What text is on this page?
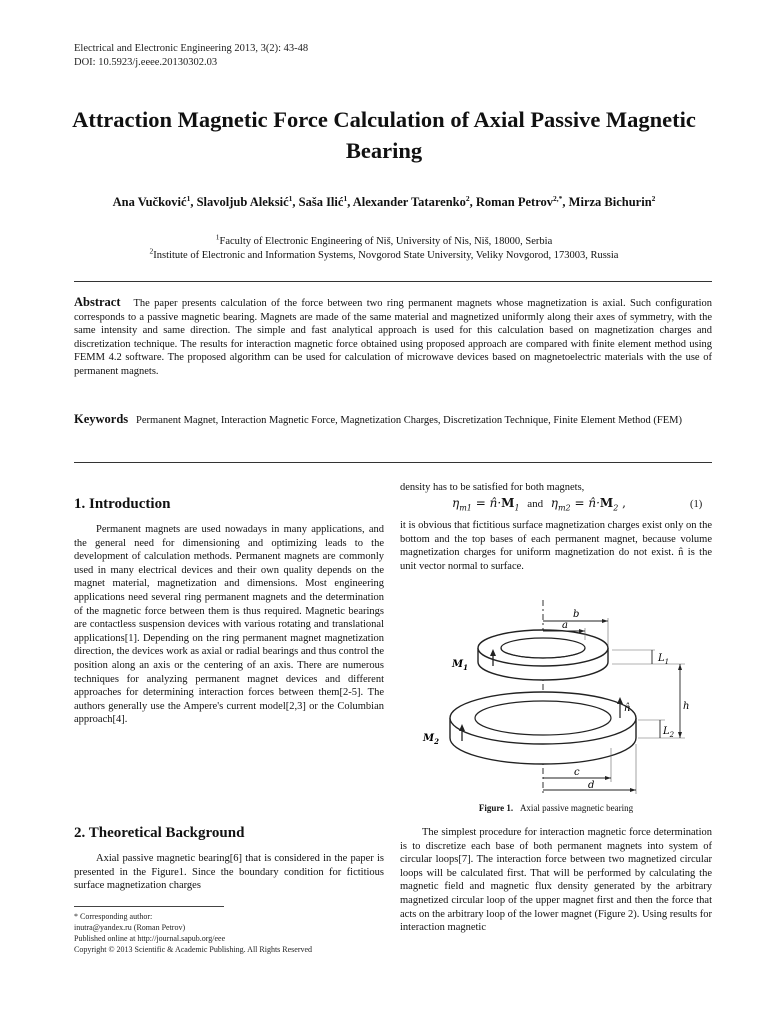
Electrical and Electronic Engineering 2013, 3(2): 43-48
DOI: 10.5923/j.eeee.20130302.03
Attraction Magnetic Force Calculation of Axial Passive Magnetic Bearing
Ana Vučković$^1$, Slavoljub Aleksić$^1$, Saša Ilić$^1$, Alexander Tatarenko$^2$, Roman Petrov$^{2,*}$, Mirza Bichurin$^2$
$^1$Faculty of Electronic Engineering of Niš, University of Nis, Niš, 18000, Serbia
$^2$Institute of Electronic and Information Systems, Novgorod State University, Veliky Novgorod, 173003, Russia
Abstract The paper presents calculation of the force between two ring permanent magnets whose magnetization is axial. Such configuration corresponds to a passive magnetic bearing. Magnets are made of the same material and magnetized uniformly along their axes of symmetry, with the same intensity and same direction. The simple and fast analytical approach is used for this calculation based on magnetization charges and discretization technique. The results for interaction magnetic force obtained using proposed approach are compared with finite element method using FEMM 4.2 software. The proposed algorithm can be used for calculation of microwave devices based on magnetoelectric materials with the use of permanent magnets.
Keywords Permanent Magnet, Interaction Magnetic Force, Magnetization Charges, Discretization Technique, Finite Element Method (FEM)
1. Introduction
Permanent magnets are used nowadays in many applications, and the general need for dimensioning and optimizing leads to the development of calculation methods. Permanent magnets are commonly used in many electrical devices and their own quality depends on the magnet material, magnetization and dimensions. Most engineering applications need several ring permanent magnets and the determination of the magnetic force between them is thus required. Magnetic bearings are contactless suspension devices with various rotating and translational applications[1]. Depending on the ring permanent magnet magnetization direction, the devices work as axial or radial bearings and thus control the position along an axis or the centering of an axis. There are numerous techniques for analyzing permanent magnet devices and different approaches for determining interaction forces between them[2-5]. The authors generally use the Ampere's current model[2,3] or the Columbian approach[4].
2. Theoretical Background
Axial passive magnetic bearing[6] that is considered in the paper is presented in the Figure1. Since the boundary condition for fictitious surface magnetization charges
* Corresponding author:
inutra@yandex.ru (Roman Petrov)
Published online at http://journal.sapub.org/eee
Copyright © 2013 Scientific & Academic Publishing. All Rights Reserved
density has to be satisfied for both magnets,
$\eta_{m1}$ = $n̂\cdot M_1$ and $\eta_{m2}$ = $n̂\cdot M_2$ ,	(1)
it is obvious that fictitious surface magnetization charges exist only on the bottom and the top bases of each permanent magnet, because volume magnetization charges for uniform magnetization do not exist. n̂ is the unit vector normal to surface.
b
a
$L_1$
h
$L_2$
c
d
$M_1$
$M_2$
n̂
Figure 1. Axial passive magnetic bearing
The simplest procedure for interaction magnetic force determination is to discretize each base of both permanent magnets into system of circular loops[7]. The interaction force between two magnetized circular loops will be calculated first. That will be performed by calculating the magnetic field and magnetic flux density generated by the arbitrary magnetized circular loop of the upper magnet first and then the force that acts on the arbitrary loop of the lower magnet (Figure 2). Using results for interaction magnetic
